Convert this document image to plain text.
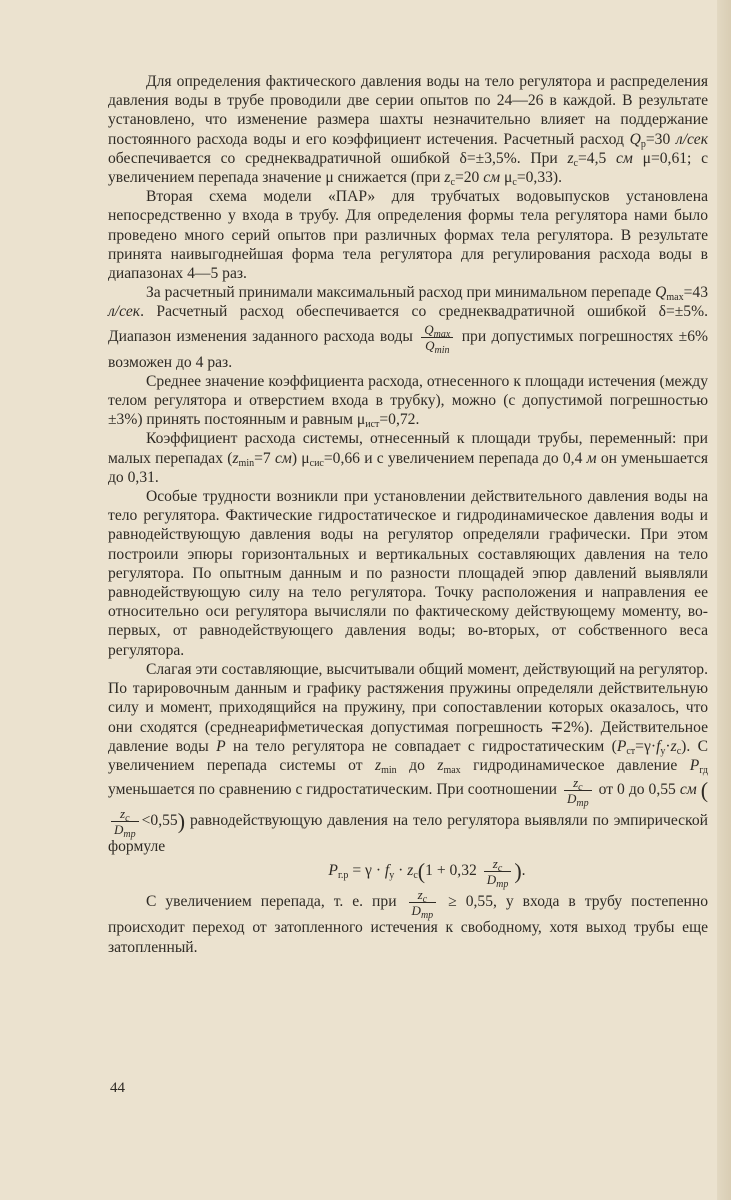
Для определения фактического давления воды на тело регулятора и распределения давления воды в трубе проводили две серии опытов по 24—26 в каждой. В результате установлено, что изменение размера шахты незначительно влияет на поддержание постоянного расхода воды и его коэффициент истечения. Расчетный расход $Q_р=30$ л/сек обеспечивается со среднеквадратичной ошибкой δ=±3,5%. При $z_с=4,5$ см μ=0,61; с увеличением перепада значение μ снижается (при $z_с=20$ см $\mu_с=0,33$).

Вторая схема модели «ПАР» для трубчатых водовыпусков установлена непосредственно у входа в трубу. Для определения формы тела регулятора нами было проведено много серий опытов при различных формах тела регулятора. В результате принята наивыгоднейшая форма тела регулятора для регулирования расхода воды в диапазонах 4—5 раз.

За расчетный принимали максимальный расход при минимальном перепаде $Q_{max}=43$ л/сек. Расчетный расход обеспечивается со среднеквадратичной ошибкой δ=±5%. Диапазон изменения заданного расхода воды $\frac{Q_{max}}{Q_{min}}$ при допустимых погрешностях ±6% возможен до 4 раз.

Среднее значение коэффициента расхода, отнесенного к площади истечения (между телом регулятора и отверстием входа в трубку), можно (с допустимой погрешностью ±3%) принять постоянным и равным $\mu_{ист}=0,72$.

Коэффициент расхода системы, отнесенный к площади трубы, переменный: при малых перепадах ($z_{min}=7$ см) $\mu_{сис}=0,66$ и с увеличением перепада до 0,4 м он уменьшается до 0,31.

Особые трудности возникли при установлении действительного давления воды на тело регулятора. Фактические гидростатическое и гидродинамическое давления воды и равнодействующую давления воды на регулятор определяли графически. При этом построили эпюры горизонтальных и вертикальных составляющих давления на тело регулятора. По опытным данным и по разности площадей эпюр давлений выявляли равнодействующую силу на тело регулятора. Точку расположения и направления ее относительно оси регулятора вычисляли по фактическому действующему моменту, во-первых, от равнодействующего давления воды; во-вторых, от собственного веса регулятора.

Слагая эти составляющие, высчитывали общий момент, действующий на регулятор. По тарировочным данным и графику растяжения пружины определяли действительную силу и момент, приходящийся на пружину, при сопоставлении которых оказалось, что они сходятся (среднеарифметическая допустимая погрешность ∓2%). Действительное давление воды P на тело регулятора не совпадает с гидростатическим $(P_{ст}=\gamma\cdot f_у\cdot z_с)$. С увеличением перепада системы от $z_{min}$ до $z_{max}$ гидродинамическое давление $P_{гд}$ уменьшается по сравнению с гидростатическим. При соотношении $\frac{z_с}{D_{тр}}$ от 0 до 0,55 см (
$\frac{z_с}{D_{тр}} <0,55$) равнодействующую давления на тело регулятора выявляли по эмпирической формуле

$P_{г.р} = \gamma \cdot f_у \cdot z_с(1 + 0,32 \frac{z_с}{D_{тр}}$ ).

С увеличением перепада, т. е. при $\frac{z_с}{D_{тр}} \ge 0,55$, у входа в трубу постепенно происходит переход от затопленного истечения к свободному, хотя выход трубы еще затопленный.

44
